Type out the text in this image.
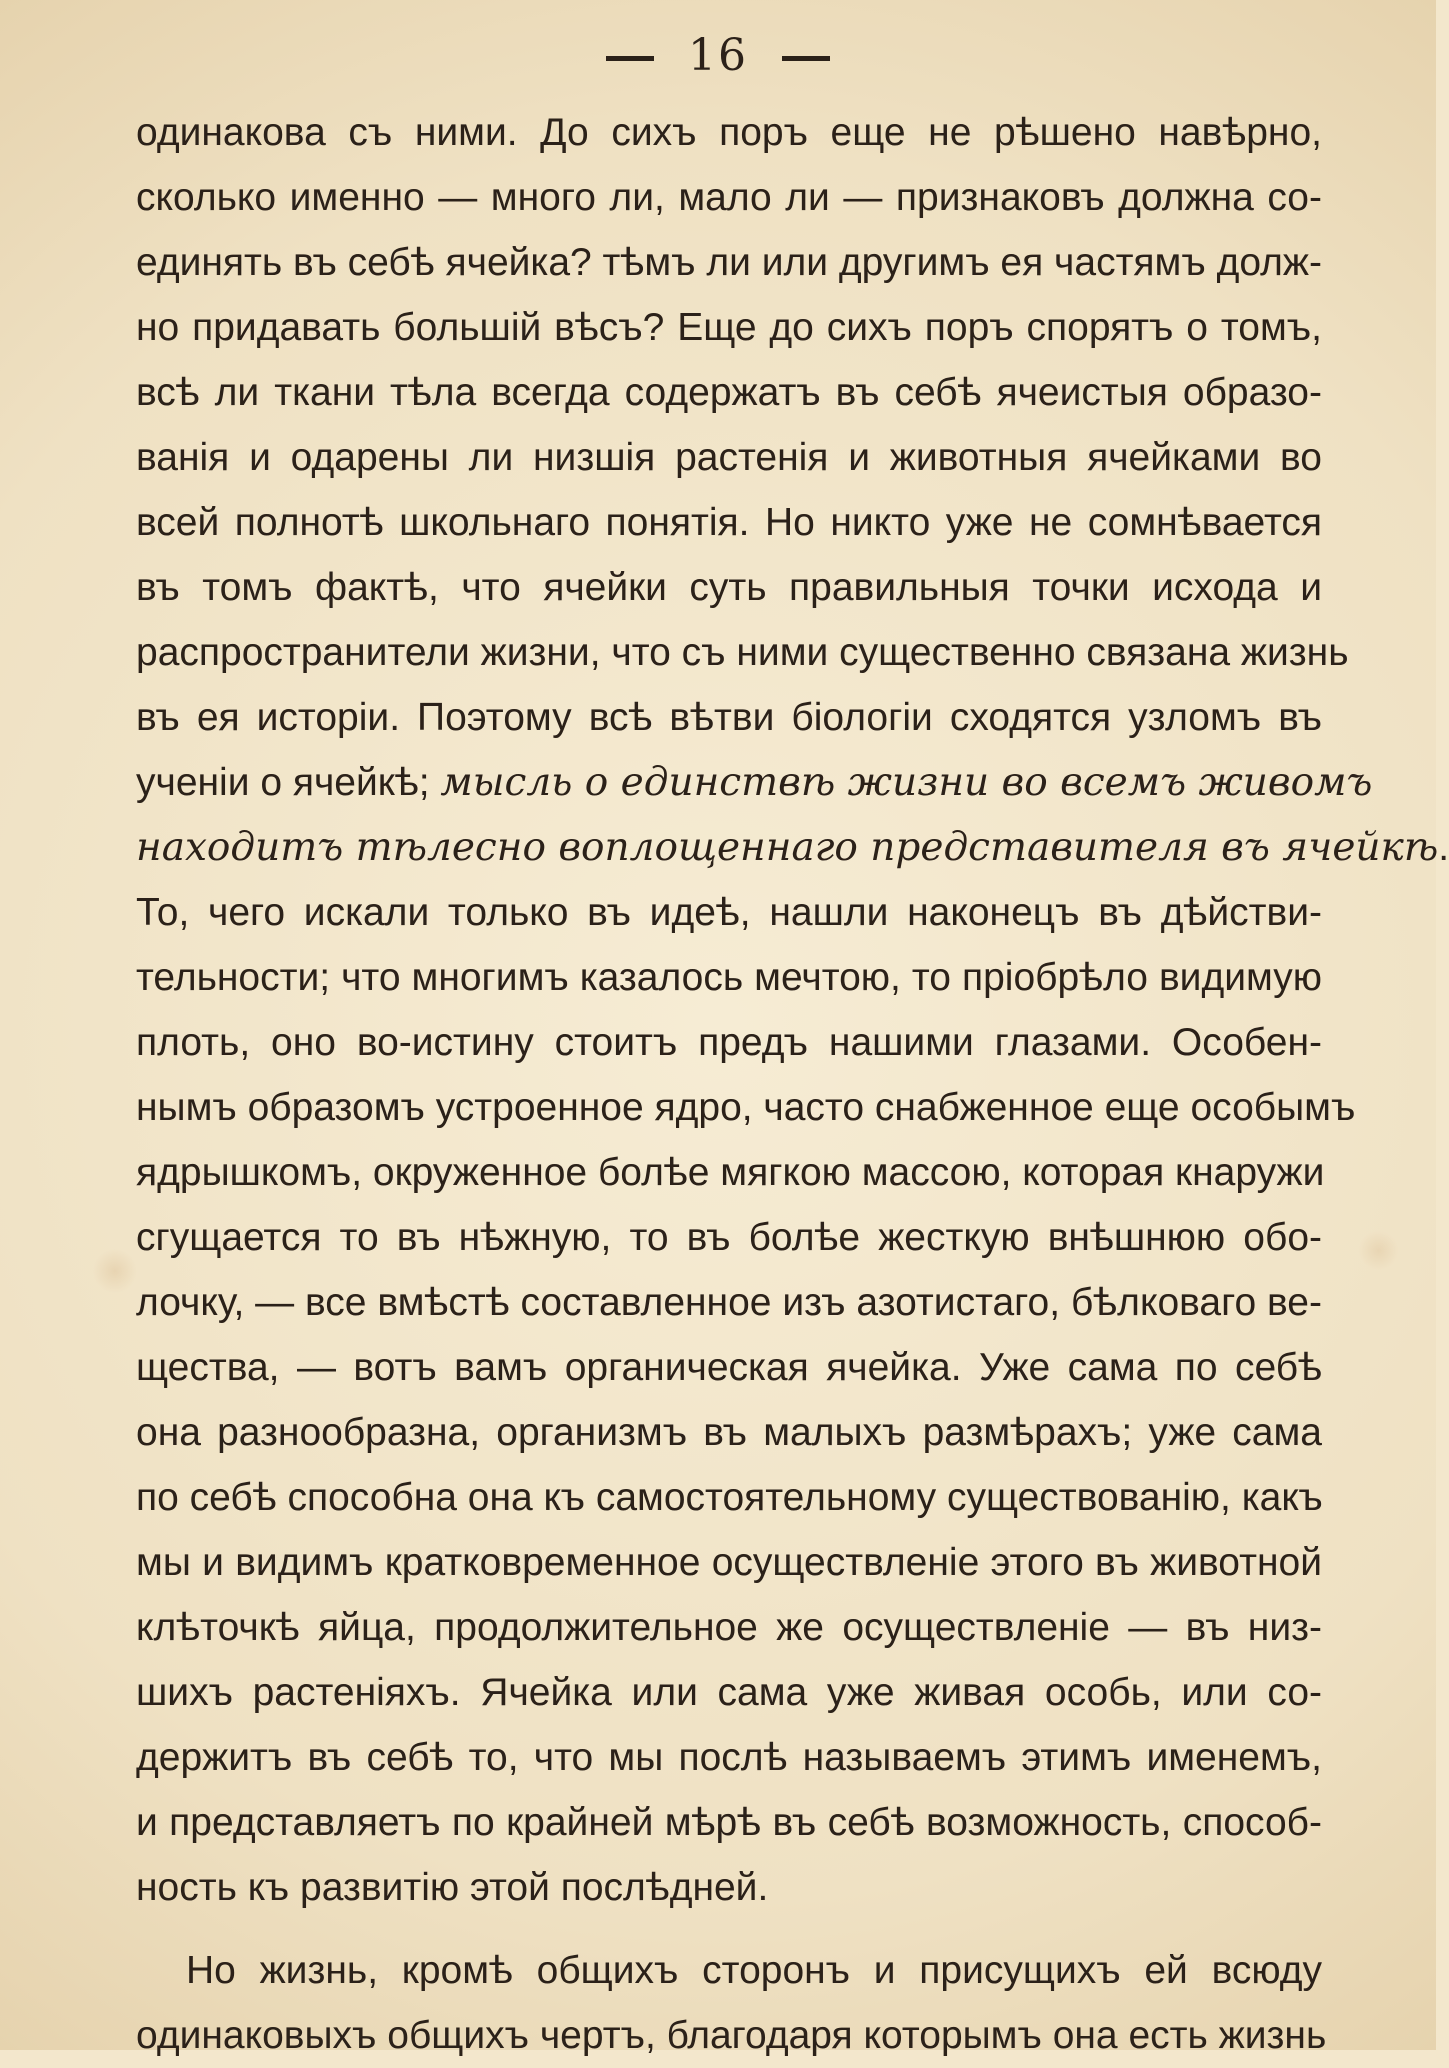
16
одинакова съ ними. До сихъ поръ еще не рѣшено навѣрно,
сколько именно — много ли, мало ли — признаковъ должна со-
единять въ себѣ ячейка? тѣмъ ли или другимъ ея частямъ долж-
но придавать большій вѣсъ? Еще до сихъ поръ спорятъ о томъ,
всѣ ли ткани тѣла всегда содержатъ въ себѣ ячеистыя образо-
ванія и одарены ли низшія растенія и животныя ячейками во
всей полнотѣ школьнаго понятія. Но никто уже не сомнѣвается
въ томъ фактѣ, что ячейки суть правильныя точки исхода и
распространители жизни, что съ ними существенно связана жизнь
въ ея исторіи. Поэтому всѣ вѣтви біологіи сходятся узломъ въ
ученіи о ячейкѣ; мысль о единствѣ жизни во всемъ живомъ
находитъ тѣлесно воплощеннаго представителя въ ячейкѣ.
То, чего искали только въ идеѣ, нашли наконецъ въ дѣйстви-
тельности; что многимъ казалось мечтою, то пріобрѣло видимую
плоть, оно во-истину стоитъ предъ нашими глазами. Особен-
нымъ образомъ устроенное ядро, часто снабженное еще особымъ
ядрышкомъ, окруженное болѣе мягкою массою, которая кнаружи
сгущается то въ нѣжную, то въ болѣе жесткую внѣшнюю обо-
лочку, — все вмѣстѣ составленное изъ азотистаго, бѣлковаго ве-
щества, — вотъ вамъ органическая ячейка. Уже сама по себѣ
она разнообразна, организмъ въ малыхъ размѣрахъ; уже сама
по себѣ способна она къ самостоятельному существованію, какъ
мы и видимъ кратковременное осуществленіе этого въ животной
клѣточкѣ яйца, продолжительное же осуществленіе — въ низ-
шихъ растеніяхъ. Ячейка или сама уже живая особь, или со-
держитъ въ себѣ то, что мы послѣ называемъ этимъ именемъ,
и представляетъ по крайней мѣрѣ въ себѣ возможность, способ-
ность къ развитію этой послѣдней.
Но жизнь, кромѣ общихъ сторонъ и присущихъ ей всюду
одинаковыхъ общихъ чертъ, благодаря которымъ она есть жизнь
